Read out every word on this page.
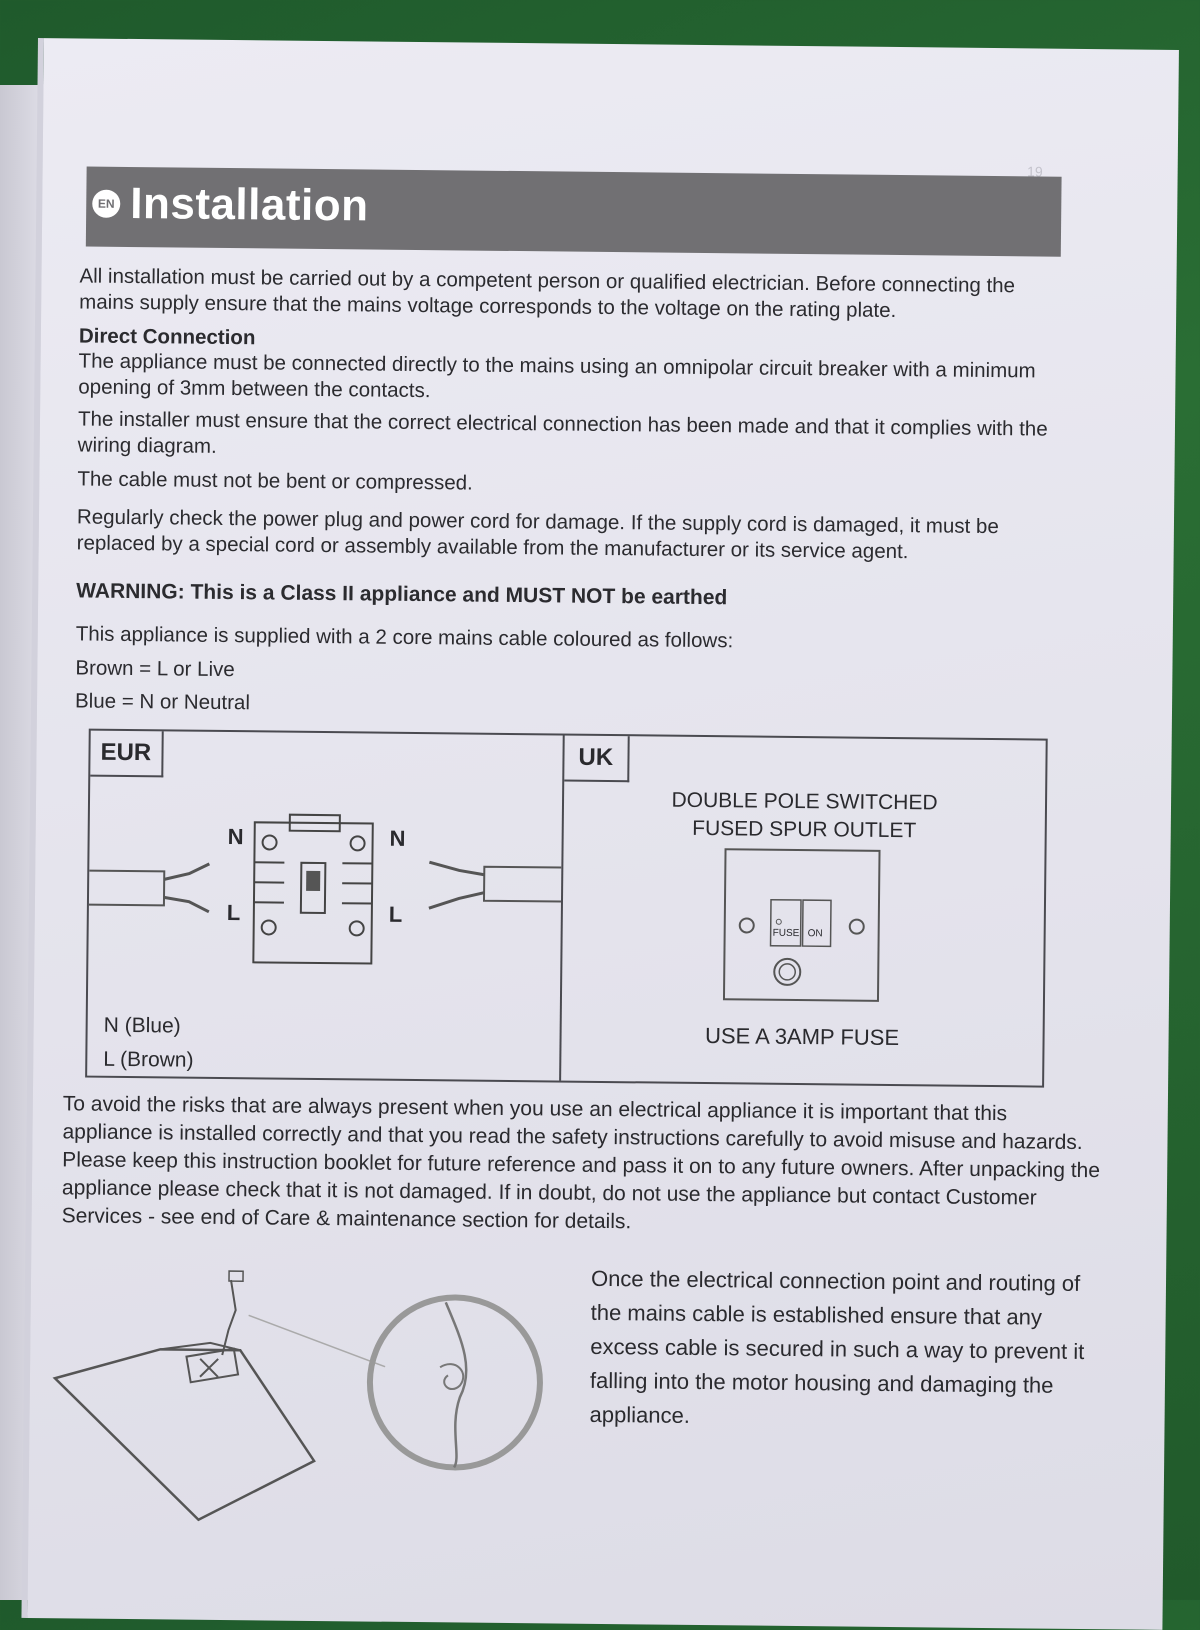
19
EN Installation
All installation must be carried out by a competent person or qualified electrician. Before connecting the mains supply ensure that the mains voltage corresponds to the voltage on the rating plate.
Direct Connection
The appliance must be connected directly to the mains using an omnipolar circuit breaker with a minimum opening of 3mm between the contacts.
The installer must ensure that the correct electrical connection has been made and that it complies with the wiring diagram.
The cable must not be bent or compressed.
Regularly check the power plug and power cord for damage. If the supply cord is damaged, it must be replaced by a special cord or assembly available from the manufacturer or its service agent.
WARNING: This is a Class II appliance and MUST NOT be earthed
This appliance is supplied with a 2 core mains cable coloured as follows:
Brown = L or Live
Blue = N or Neutral
EUR
N
L
N
L
N (Blue)
L (Brown)
UK
DOUBLE POLE SWITCHED
FUSED SPUR OUTLET
FUSE ON
USE A 3AMP FUSE
To avoid the risks that are always present when you use an electrical appliance it is important that this appliance is installed correctly and that you read the safety instructions carefully to avoid misuse and hazards. Please keep this instruction booklet for future reference and pass it on to any future owners. After unpacking the appliance please check that it is not damaged. If in doubt, do not use the appliance but contact Customer Services - see end of Care & maintenance section for details.
Once the electrical connection point and routing of the mains cable is established ensure that any excess cable is secured in such a way to prevent it falling into the motor housing and damaging the appliance.
